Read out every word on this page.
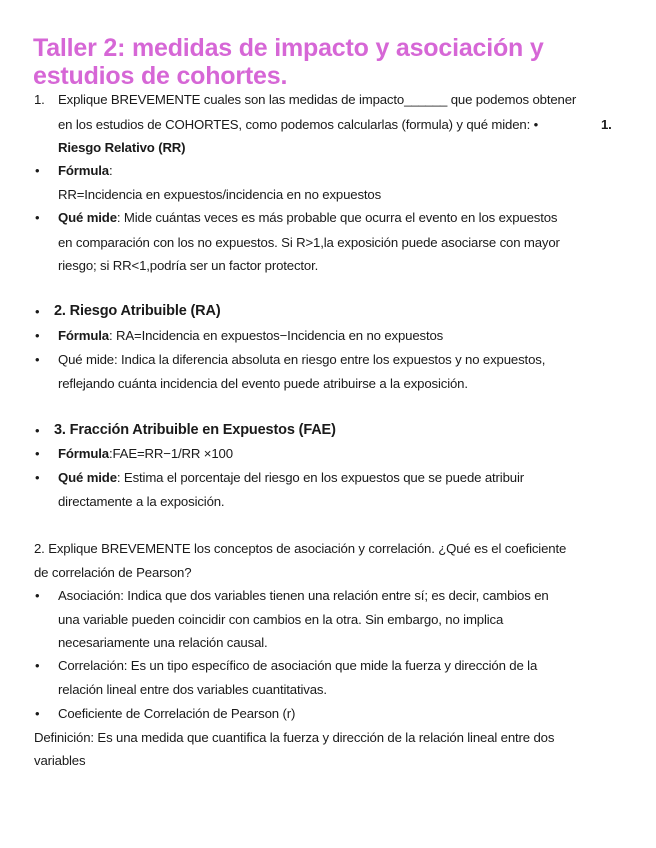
Taller 2: medidas de impacto y asociación y estudios de cohortes.
1. Explique BREVEMENTE cuales son las medidas de impacto______ que podemos obtener
en los estudios de COHORTES, como podemos calcularlas (formula) y qué miden: •	1.
Riesgo Relativo (RR)
• Fórmula:
RR=Incidencia en expuestos/incidencia en no expuestos
• Qué mide: Mide cuántas veces es más probable que ocurra el evento en los expuestos
en comparación con los no expuestos. Si R>1,la exposición puede asociarse con mayor
riesgo; si RR<1,podría ser un factor protector.
• 2. Riesgo Atribuible (RA)
• Fórmula: RA=Incidencia en expuestos−Incidencia en no expuestos
• Qué mide: Indica la diferencia absoluta en riesgo entre los expuestos y no expuestos,
reflejando cuánta incidencia del evento puede atribuirse a la exposición.
• 3. Fracción Atribuible en Expuestos (FAE)
• Fórmula:FAE=RR−1/RR ×100
• Qué mide: Estima el porcentaje del riesgo en los expuestos que se puede atribuir
directamente a la exposición.
2. Explique BREVEMENTE los conceptos de asociación y correlación. ¿Qué es el coeficiente
de correlación de Pearson?
• Asociación: Indica que dos variables tienen una relación entre sí; es decir, cambios en
una variable pueden coincidir con cambios en la otra. Sin embargo, no implica
necesariamente una relación causal.
• Correlación: Es un tipo específico de asociación que mide la fuerza y dirección de la
relación lineal entre dos variables cuantitativas.
• Coeficiente de Correlación de Pearson (r)
Definición: Es una medida que cuantifica la fuerza y dirección de la relación lineal entre dos
variables
